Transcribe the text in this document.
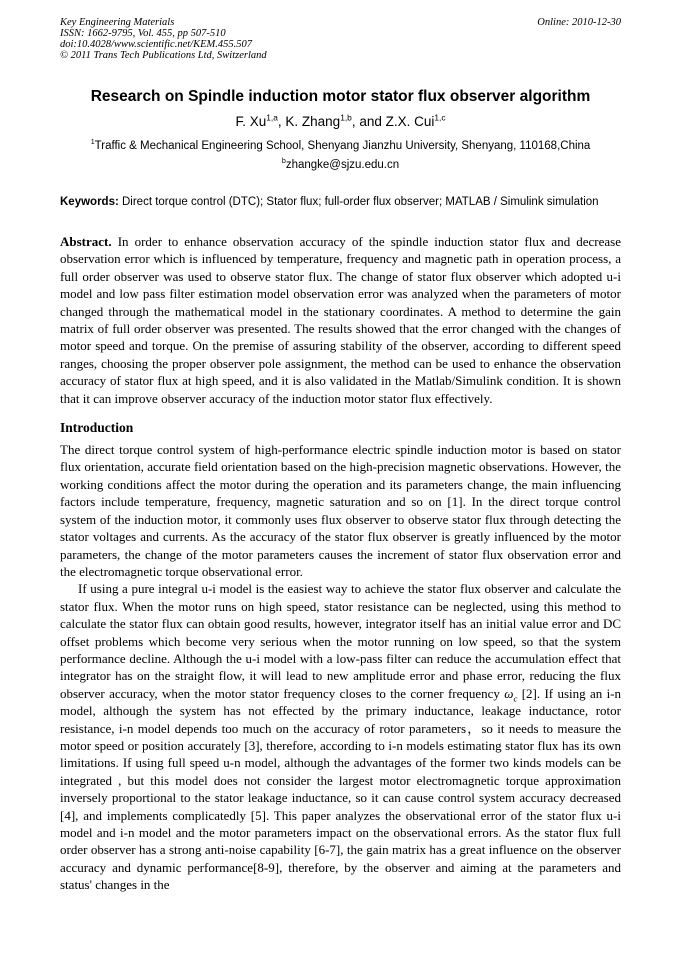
Key Engineering Materials
ISSN: 1662-9795, Vol. 455, pp 507-510
doi:10.4028/www.scientific.net/KEM.455.507
© 2011 Trans Tech Publications Ltd, Switzerland
Online: 2010-12-30
Research on Spindle induction motor stator flux observer algorithm
F. Xu$^{1,a}$, K. Zhang$^{1,b}$, and Z.X. Cui$^{1,c}$
$^1$Traffic & Mechanical Engineering School, Shenyang Jianzhu University, Shenyang, 110168,China
$^b$zhangke@sjzu.edu.cn

Keywords: Direct torque control (DTC); Stator flux; full-order flux observer; MATLAB / Simulink simulation

Abstract. In order to enhance observation accuracy of the spindle induction stator flux and decrease observation error which is influenced by temperature, frequency and magnetic path in operation process, a full order observer was used to observe stator flux. The change of stator flux observer which adopted u-i model and low pass filter estimation model observation error was analyzed when the parameters of motor changed through the mathematical model in the stationary coordinates. A method to determine the gain matrix of full order observer was presented. The results showed that the error changed with the changes of motor speed and torque. On the premise of assuring stability of the observer, according to different speed ranges, choosing the proper observer pole assignment, the method can be used to enhance the observation accuracy of stator flux at high speed, and it is also validated in the Matlab/Simulink condition. It is shown that it can improve observer accuracy of the induction motor stator flux effectively.

Introduction

The direct torque control system of high-performance electric spindle induction motor is based on stator flux orientation, accurate field orientation based on the high-precision magnetic observations. However, the working conditions affect the motor during the operation and its parameters change, the main influencing factors include temperature, frequency, magnetic saturation and so on [1]. In the direct torque control system of the induction motor, it commonly uses flux observer to observe stator flux through detecting the stator voltages and currents. As the accuracy of the stator flux observer is greatly influenced by the motor parameters, the change of the motor parameters causes the increment of stator flux observation error and the electromagnetic torque observational error.

If using a pure integral u-i model is the easiest way to achieve the stator flux observer and calculate the stator flux. When the motor runs on high speed, stator resistance can be neglected, using this method to calculate the stator flux can obtain good results, however, integrator itself has an initial value error and DC offset problems which become very serious when the motor running on low speed, so that the system performance decline. Although the u-i model with a low-pass filter can reduce the accumulation effect that integrator has on the straight flow, it will lead to new amplitude error and phase error, reducing the flux observer accuracy, when the motor stator frequency closes to the corner frequency $\omega_c$ [2]. If using an i-n model, although the system has not effected by the primary inductance, leakage inductance, rotor resistance, i-n model depends too much on the accuracy of rotor parameters，so it needs to measure the motor speed or position accurately [3], therefore, according to i-n models estimating stator flux has its own limitations. If using full speed u-n model, although the advantages of the former two kinds models can be integrated , but this model does not consider the largest motor electromagnetic torque approximation inversely proportional to the stator leakage inductance, so it can cause control system accuracy decreased [4], and implements complicatedly [5]. This paper analyzes the observational error of the stator flux u-i model and i-n model and the motor parameters impact on the observational errors. As the stator flux full order observer has a strong anti-noise capability [6-7], the gain matrix has a great influence on the observer accuracy and dynamic performance[8-9], therefore, by the observer and aiming at the parameters and status' changes in the
